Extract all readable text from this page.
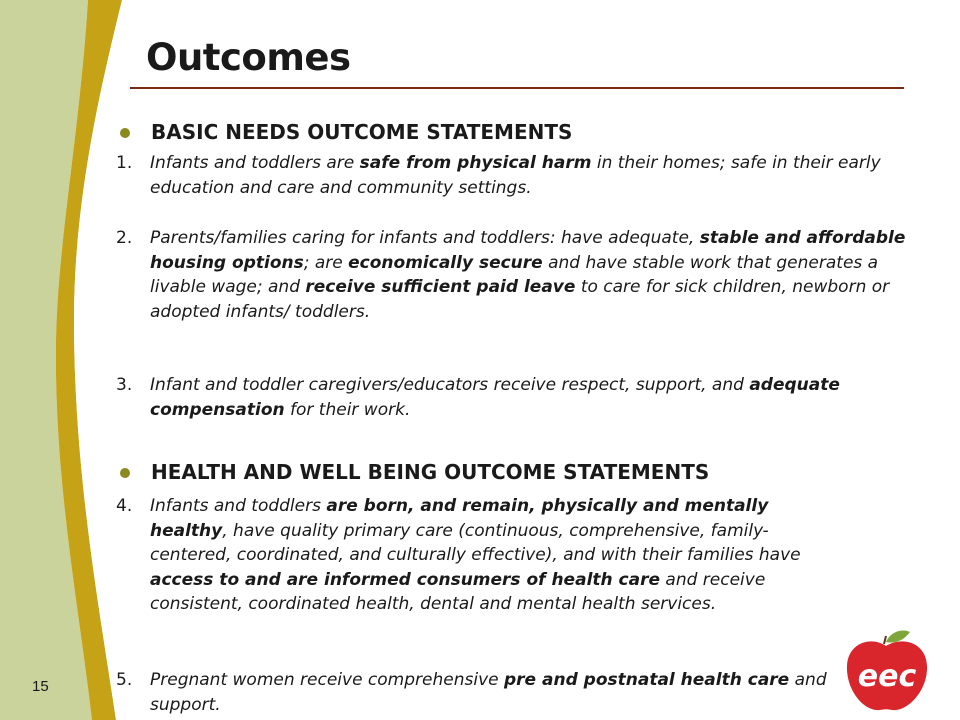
Outcomes
BASIC NEEDS OUTCOME STATEMENTS
1. Infants and toddlers are safe from physical harm in their homes; safe in their early education and care and community settings.
2. Parents/families caring for infants and toddlers: have adequate, stable and affordable housing options; are economically secure and have stable work that generates a livable wage; and receive sufficient paid leave to care for sick children, newborn or adopted infants/ toddlers.
3. Infant and toddler caregivers/educators receive respect, support, and adequate compensation for their work.
HEALTH AND WELL BEING OUTCOME STATEMENTS
4. Infants and toddlers are born, and remain, physically and mentally healthy, have quality primary care (continuous, comprehensive, family-centered, coordinated, and culturally effective), and with their families have access to and are informed consumers of health care and receive consistent, coordinated health, dental and mental health services.
5. Pregnant women receive comprehensive pre and postnatal health care and support.
15	eec
